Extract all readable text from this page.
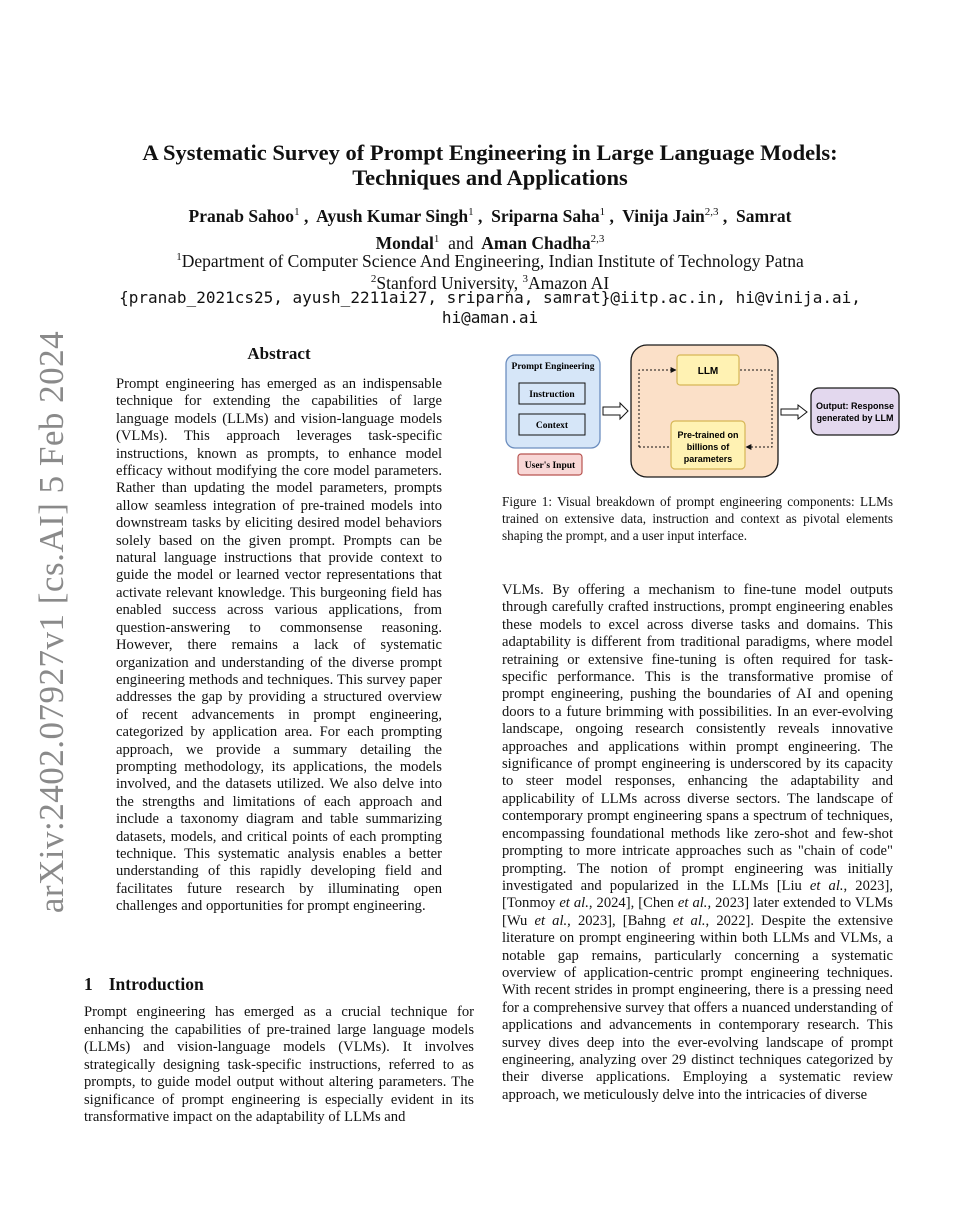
arXiv:2402.07927v1 [cs.AI] 5 Feb 2024
A Systematic Survey of Prompt Engineering in Large Language Models:
Techniques and Applications
Pranab Sahoo$^1$ ,  Ayush Kumar Singh$^1$ ,  Sriparna Saha$^1$ ,  Vinija Jain$^{2,3}$ ,  Samrat
Mondal$^1$ and Aman Chadha$^{2,3}$
$^1$Department of Computer Science And Engineering, Indian Institute of Technology Patna
$^2$Stanford University, $^3$Amazon AI
{pranab_2021cs25, ayush_2211ai27, sriparna, samrat}@iitp.ac.in, hi@vinija.ai,
hi@aman.ai
Abstract
Prompt engineering has emerged as an indispensable technique for extending the capabilities of large language models (LLMs) and vision-language models (VLMs). This approach leverages task-specific instructions, known as prompts, to enhance model efficacy without modifying the core model parameters. Rather than updating the model parameters, prompts allow seamless integration of pre-trained models into downstream tasks by eliciting desired model behaviors solely based on the given prompt. Prompts can be natural language instructions that provide context to guide the model or learned vector representations that activate relevant knowledge. This burgeoning field has enabled success across various applications, from question-answering to commonsense reasoning. However, there remains a lack of systematic organization and understanding of the diverse prompt engineering methods and techniques. This survey paper addresses the gap by providing a structured overview of recent advancements in prompt engineering, categorized by application area. For each prompting approach, we provide a summary detailing the prompting methodology, its applications, the models involved, and the datasets utilized. We also delve into the strengths and limitations of each approach and include a taxonomy diagram and table summarizing datasets, models, and critical points of each prompting technique. This systematic analysis enables a better understanding of this rapidly developing field and facilitates future research by illuminating open challenges and opportunities for prompt engineering.
1 Introduction
Prompt engineering has emerged as a crucial technique for enhancing the capabilities of pre-trained large language models (LLMs) and vision-language models (VLMs). It involves strategically designing task-specific instructions, referred to as prompts, to guide model output without altering parameters. The significance of prompt engineering is especially evident in its transformative impact on the adaptability of LLMs and
Prompt Engineering
Instruction
Context
User's Input
LLM
Pre-trained on
billions of
parameters
Output: Response
generated by LLM
Figure 1: Visual breakdown of prompt engineering components: LLMs trained on extensive data, instruction and context as pivotal elements shaping the prompt, and a user input interface.
VLMs. By offering a mechanism to fine-tune model outputs through carefully crafted instructions, prompt engineering enables these models to excel across diverse tasks and domains. This adaptability is different from traditional paradigms, where model retraining or extensive fine-tuning is often required for task-specific performance. This is the transformative promise of prompt engineering, pushing the boundaries of AI and opening doors to a future brimming with possibilities. In an ever-evolving landscape, ongoing research consistently reveals innovative approaches and applications within prompt engineering. The significance of prompt engineering is underscored by its capacity to steer model responses, enhancing the adaptability and applicability of LLMs across diverse sectors. The landscape of contemporary prompt engineering spans a spectrum of techniques, encompassing foundational methods like zero-shot and few-shot prompting to more intricate approaches such as "chain of code" prompting. The notion of prompt engineering was initially investigated and popularized in the LLMs [Liu et al., 2023], [Tonmoy et al., 2024], [Chen et al., 2023] later extended to VLMs [Wu et al., 2023], [Bahng et al., 2022]. Despite the extensive literature on prompt engineering within both LLMs and VLMs, a notable gap remains, particularly concerning a systematic overview of application-centric prompt engineering techniques. With recent strides in prompt engineering, there is a pressing need for a comprehensive survey that offers a nuanced understanding of applications and advancements in contemporary research. This survey dives deep into the ever-evolving landscape of prompt engineering, analyzing over 29 distinct techniques categorized by their diverse applications. Employing a systematic review approach, we meticulously delve into the intricacies of diverse
